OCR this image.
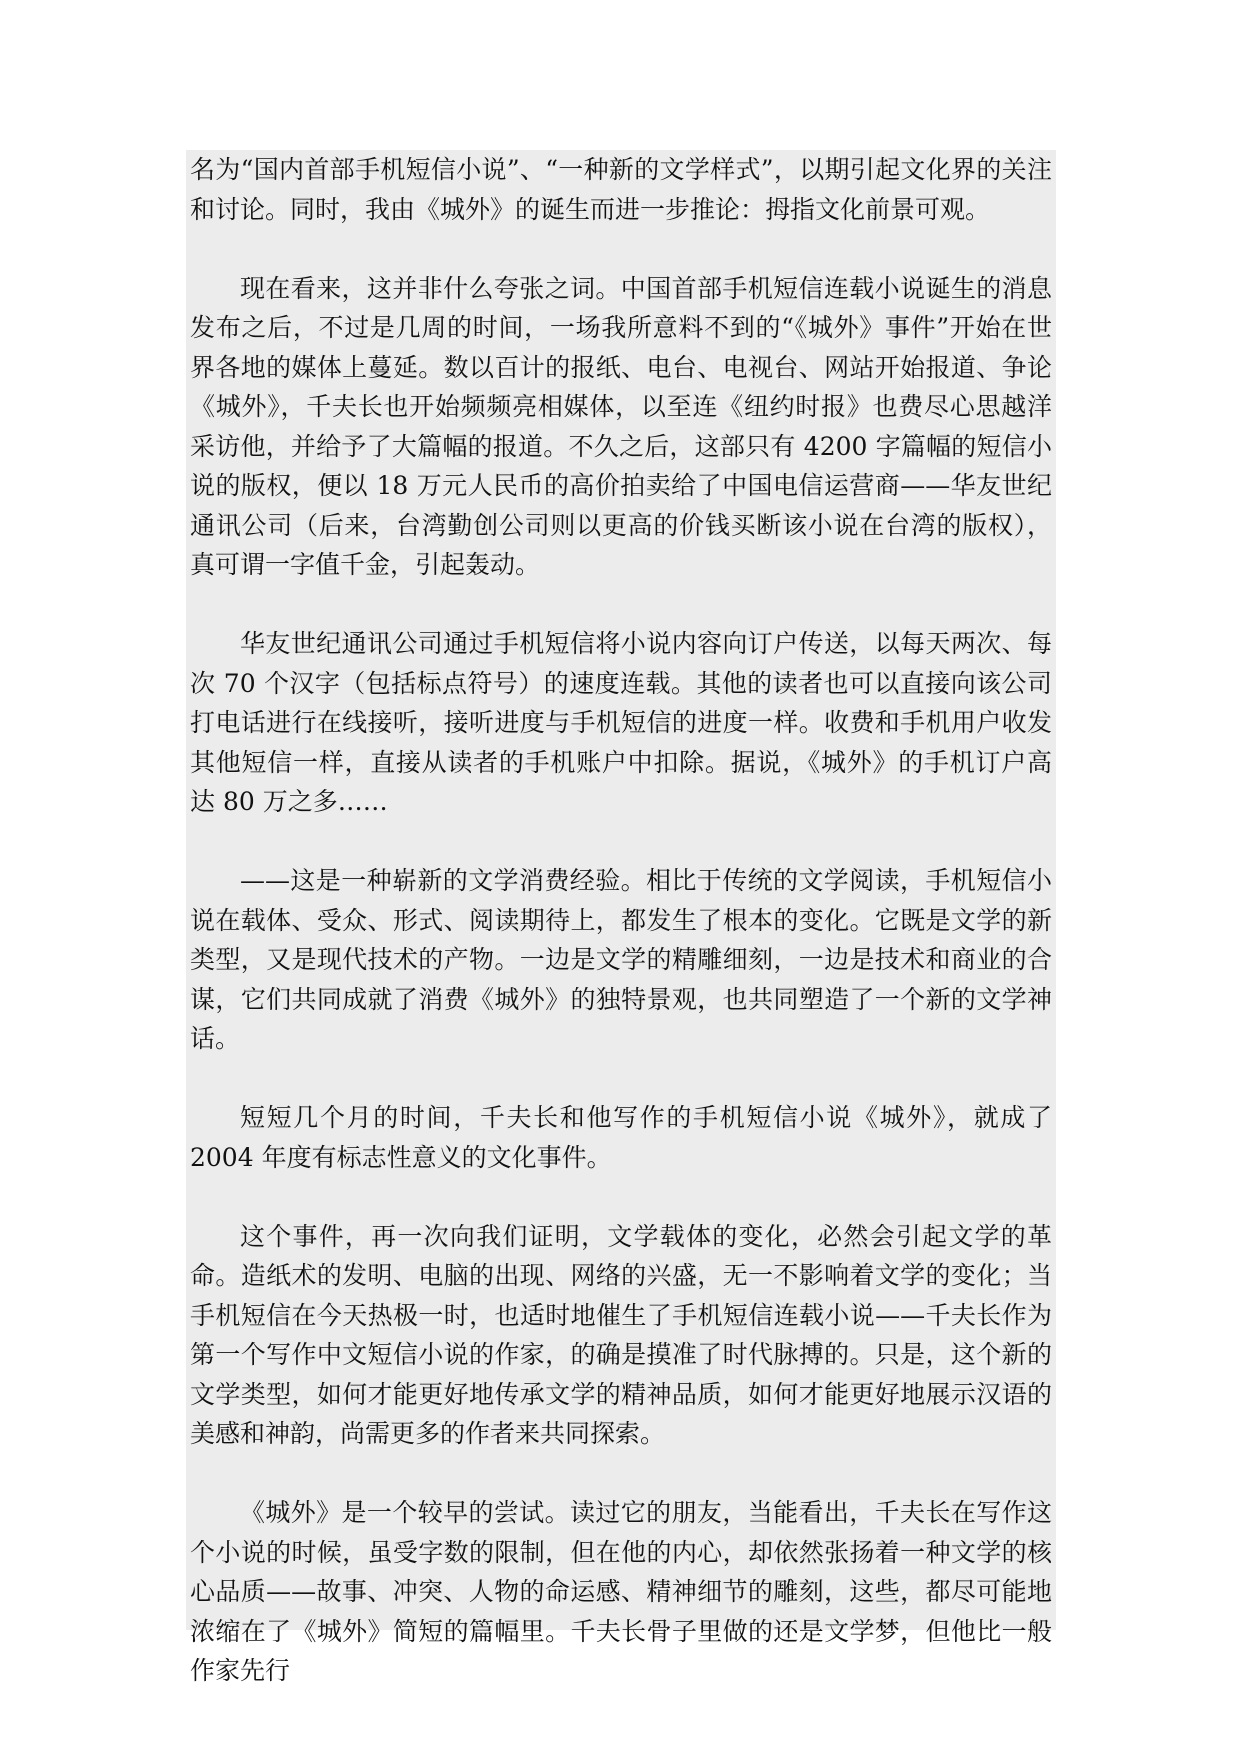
名为“国内首部手机短信小说”、“一种新的文学样式”，以期引起文化界的关注和讨论。同时，我由《城外》的诞生而进一步推论：拇指文化前景可观。

现在看来，这并非什么夸张之词。中国首部手机短信连载小说诞生的消息发布之后，不过是几周的时间，一场我所意料不到的“《城外》事件”开始在世界各地的媒体上蔓延。数以百计的报纸、电台、电视台、网站开始报道、争论《城外》，千夫长也开始频频亮相媒体，以至连《纽约时报》也费尽心思越洋采访他，并给予了大篇幅的报道。不久之后，这部只有 4200 字篇幅的短信小说的版权，便以 18 万元人民币的高价拍卖给了中国电信运营商——华友世纪通讯公司（后来，台湾勤创公司则以更高的价钱买断该小说在台湾的版权），真可谓一字值千金，引起轰动。

华友世纪通讯公司通过手机短信将小说内容向订户传送，以每天两次、每次 70 个汉字（包括标点符号）的速度连载。其他的读者也可以直接向该公司打电话进行在线接听，接听进度与手机短信的进度一样。收费和手机用户收发其他短信一样，直接从读者的手机账户中扣除。据说，《城外》的手机订户高达 80 万之多……

——这是一种崭新的文学消费经验。相比于传统的文学阅读，手机短信小说在载体、受众、形式、阅读期待上，都发生了根本的变化。它既是文学的新类型，又是现代技术的产物。一边是文学的精雕细刻，一边是技术和商业的合谋，它们共同成就了消费《城外》的独特景观，也共同塑造了一个新的文学神话。

短短几个月的时间，千夫长和他写作的手机短信小说《城外》，就成了 2004 年度有标志性意义的文化事件。

这个事件，再一次向我们证明，文学载体的变化，必然会引起文学的革命。造纸术的发明、电脑的出现、网络的兴盛，无一不影响着文学的变化；当手机短信在今天热极一时，也适时地催生了手机短信连载小说——千夫长作为第一个写作中文短信小说的作家，的确是摸准了时代脉搏的。只是，这个新的文学类型，如何才能更好地传承文学的精神品质，如何才能更好地展示汉语的美感和神韵，尚需更多的作者来共同探索。

《城外》是一个较早的尝试。读过它的朋友，当能看出，千夫长在写作这个小说的时候，虽受字数的限制，但在他的内心，却依然张扬着一种文学的核心品质——故事、冲突、人物的命运感、精神细节的雕刻，这些，都尽可能地浓缩在了《城外》简短的篇幅里。千夫长骨子里做的还是文学梦，但他比一般作家先行
